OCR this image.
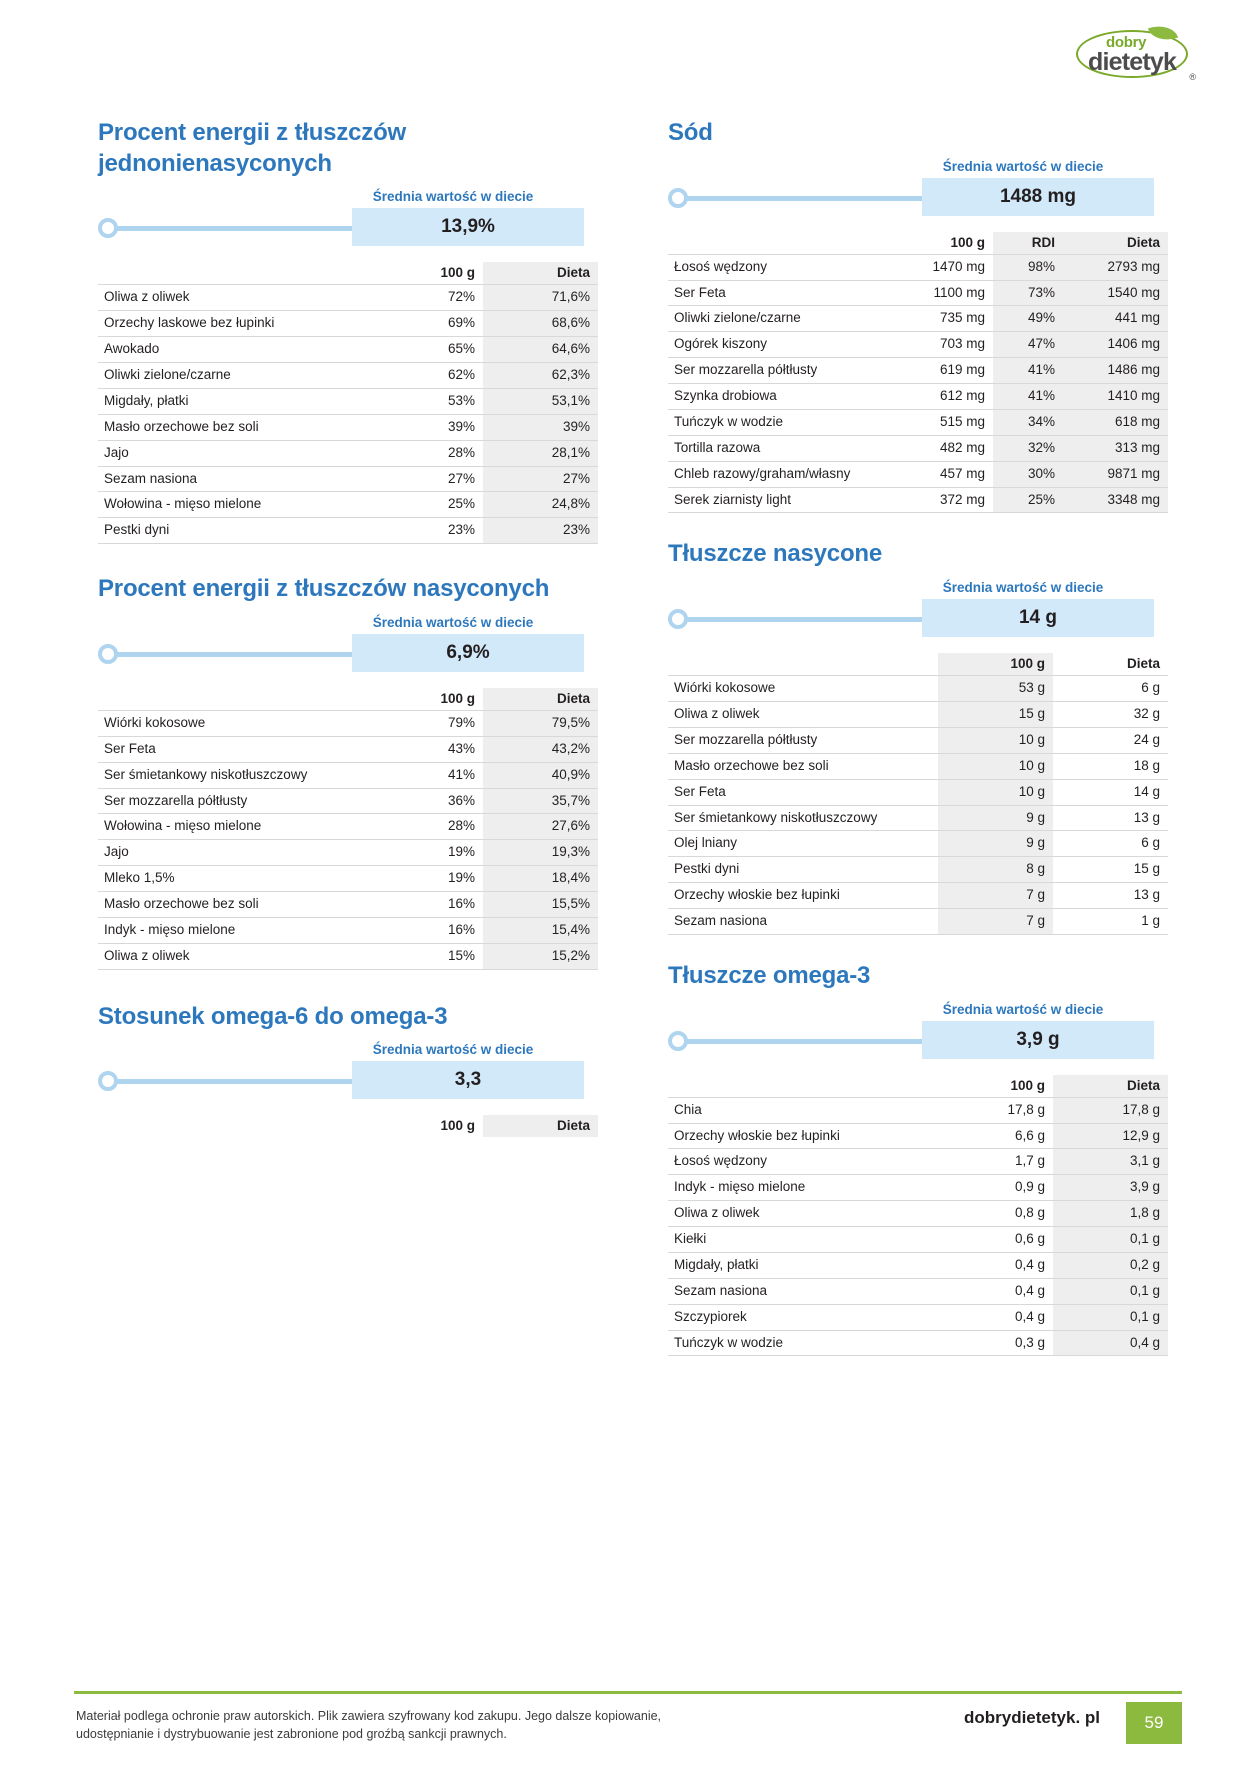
dobry
dietetyk
®
Procent energii z tłuszczów jednonienasyconych
Średnia wartość w diecie
13,9%
	100 g	Dieta
Oliwa z oliwek	72%	71,6%
Orzechy laskowe bez łupinki	69%	68,6%
Awokado	65%	64,6%
Oliwki zielone/czarne	62%	62,3%
Migdały, płatki	53%	53,1%
Masło orzechowe bez soli	39%	39%
Jajo	28%	28,1%
Sezam nasiona	27%	27%
Wołowina - mięso mielone	25%	24,8%
Pestki dyni	23%	23%
Procent energii z tłuszczów nasyconych
Średnia wartość w diecie
6,9%
	100 g	Dieta
Wiórki kokosowe	79%	79,5%
Ser Feta	43%	43,2%
Ser śmietankowy niskotłuszczowy	41%	40,9%
Ser mozzarella półtłusty	36%	35,7%
Wołowina - mięso mielone	28%	27,6%
Jajo	19%	19,3%
Mleko 1,5%	19%	18,4%
Masło orzechowe bez soli	16%	15,5%
Indyk - mięso mielone	16%	15,4%
Oliwa z oliwek	15%	15,2%
Stosunek omega-6 do omega-3
Średnia wartość w diecie
3,3
	100 g	Dieta
Sód
Średnia wartość w diecie
1488 mg
	100 g	RDI	Dieta
Łosoś wędzony	1470 mg	98%	2793 mg
Ser Feta	1100 mg	73%	1540 mg
Oliwki zielone/czarne	735 mg	49%	441 mg
Ogórek kiszony	703 mg	47%	1406 mg
Ser mozzarella półtłusty	619 mg	41%	1486 mg
Szynka drobiowa	612 mg	41%	1410 mg
Tuńczyk w wodzie	515 mg	34%	618 mg
Tortilla razowa	482 mg	32%	313 mg
Chleb razowy/graham/własny	457 mg	30%	9871 mg
Serek ziarnisty light	372 mg	25%	3348 mg
Tłuszcze nasycone
Średnia wartość w diecie
14 g
	100 g	Dieta
Wiórki kokosowe	53 g	6 g
Oliwa z oliwek	15 g	32 g
Ser mozzarella półtłusty	10 g	24 g
Masło orzechowe bez soli	10 g	18 g
Ser Feta	10 g	14 g
Ser śmietankowy niskotłuszczowy	9 g	13 g
Olej lniany	9 g	6 g
Pestki dyni	8 g	15 g
Orzechy włoskie bez łupinki	7 g	13 g
Sezam nasiona	7 g	1 g
Tłuszcze omega-3
Średnia wartość w diecie
3,9 g
	100 g	Dieta
Chia	17,8 g	17,8 g
Orzechy włoskie bez łupinki	6,6 g	12,9 g
Łosoś wędzony	1,7 g	3,1 g
Indyk - mięso mielone	0,9 g	3,9 g
Oliwa z oliwek	0,8 g	1,8 g
Kiełki	0,6 g	0,1 g
Migdały, płatki	0,4 g	0,2 g
Sezam nasiona	0,4 g	0,1 g
Szczypiorek	0,4 g	0,1 g
Tuńczyk w wodzie	0,3 g	0,4 g
Materiał podlega ochronie praw autorskich. Plik zawiera szyfrowany kod zakupu. Jego dalsze kopiowanie, udostępnianie i dystrybuowanie jest zabronione pod groźbą sankcji prawnych.
dobrydietetyk. pl	59
